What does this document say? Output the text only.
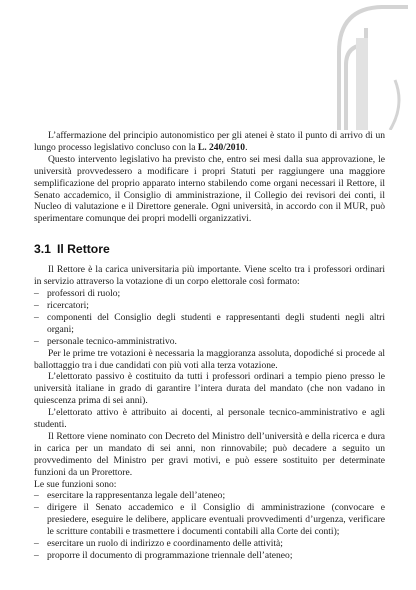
L’affermazione del principio autonomistico per gli atenei è stato il punto di arrivo di un lungo processo legislativo concluso con la L. 240/2010.

Questo intervento legislativo ha previsto che, entro sei mesi dalla sua approvazione, le università provvedessero a modificare i propri Statuti per raggiungere una maggiore semplificazione del proprio apparato interno stabilendo come organi necessari il Rettore, il Senato accademico, il Consiglio di amministrazione, il Collegio dei revisori dei conti, il Nucleo di valutazione e il Direttore generale. Ogni università, in accordo con il MUR, può sperimentare comunque dei propri modelli organizzativi.

3.1 Il Rettore

Il Rettore è la carica universitaria più importante. Viene scelto tra i professori ordinari in servizio attraverso la votazione di un corpo elettorale così formato:

– professori di ruolo;
– ricercatori;
– componenti del Consiglio degli studenti e rappresentanti degli studenti negli altri organi;
– personale tecnico-amministrativo.

Per le prime tre votazioni è necessaria la maggioranza assoluta, dopodiché si procede al ballottaggio tra i due candidati con più voti alla terza votazione.

L’elettorato passivo è costituito da tutti i professori ordinari a tempio pieno presso le università italiane in grado di garantire l’intera durata del mandato (che non vadano in quiescenza prima di sei anni).

L’elettorato attivo è attribuito ai docenti, al personale tecnico-amministrativo e agli studenti.

Il Rettore viene nominato con Decreto del Ministro dell’università e della ricerca e dura in carica per un mandato di sei anni, non rinnovabile; può decadere a seguito un provvedimento del Ministro per gravi motivi, e può essere sostituito per determinate funzioni da un Prorettore.

Le sue funzioni sono:

– esercitare la rappresentanza legale dell’ateneo;
– dirigere il Senato accademico e il Consiglio di amministrazione (convocare e presiedere, eseguire le delibere, applicare eventuali provvedimenti d’urgenza, verificare le scritture contabili e trasmettere i documenti contabili alla Corte dei conti);
– esercitare un ruolo di indirizzo e coordinamento delle attività;
– proporre il documento di programmazione triennale dell’ateneo;
